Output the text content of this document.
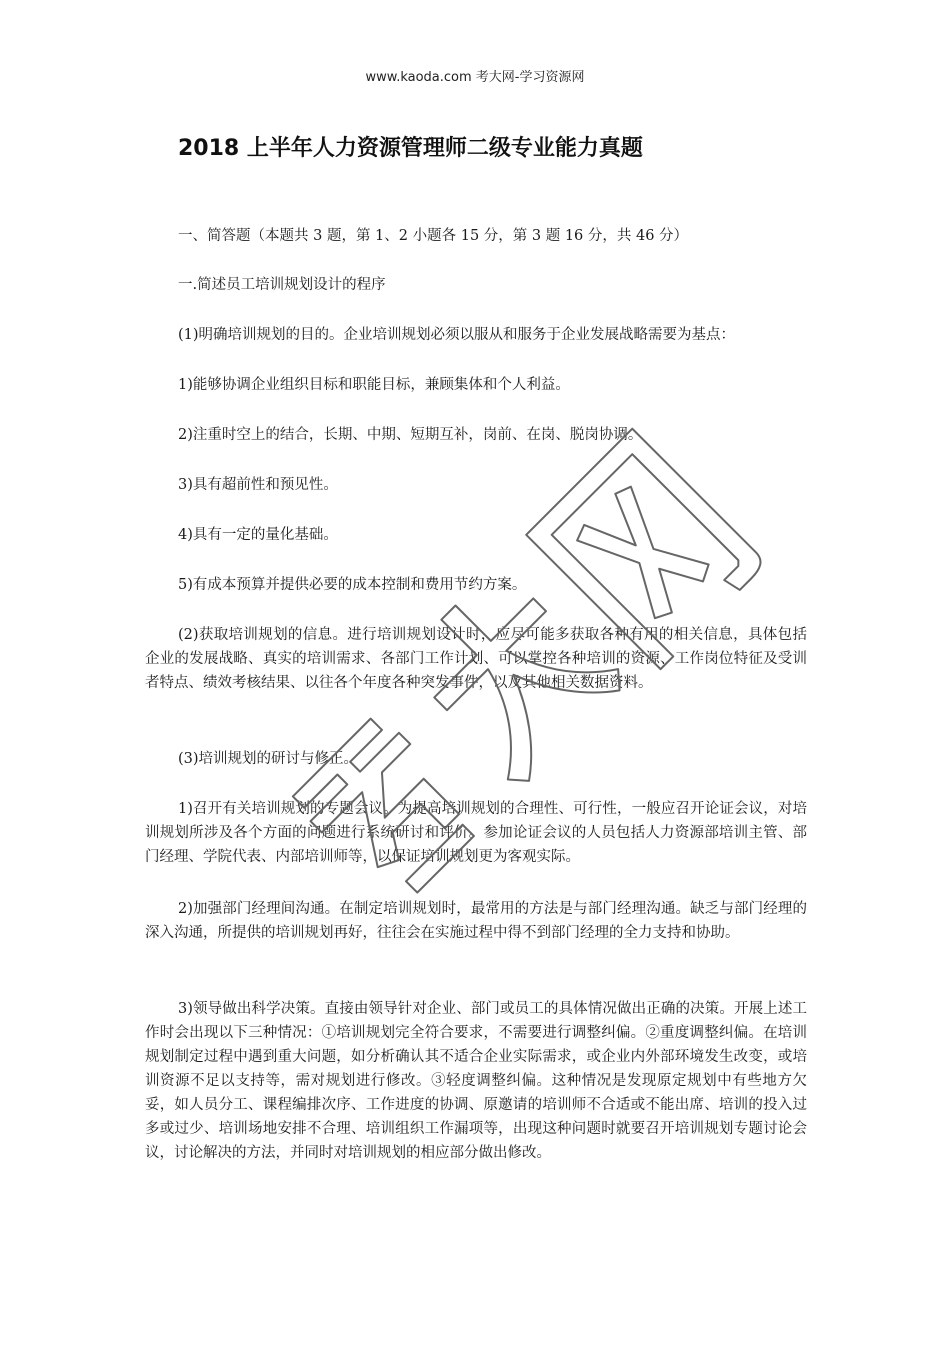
www.kaoda.com 考大网-学习资源网
2018 上半年人力资源管理师二级专业能力真题

一、简答题（本题共 3 题，第 1、2 小题各 15 分，第 3 题 16 分，共 46 分）

一.简述员工培训规划设计的程序

(1)明确培训规划的目的。企业培训规划必须以服从和服务于企业发展战略需要为基点：

1)能够协调企业组织目标和职能目标，兼顾集体和个人利益。

2)注重时空上的结合，长期、中期、短期互补，岗前、在岗、脱岗协调。

3)具有超前性和预见性。

4)具有一定的量化基础。

5)有成本预算并提供必要的成本控制和费用节约方案。

(2)获取培训规划的信息。进行培训规划设计时，应尽可能多获取各种有用的相关信息，具体包括企业的发展战略、真实的培训需求、各部门工作计划、可以掌控各种培训的资源、工作岗位特征及受训者特点、绩效考核结果、以往各个年度各种突发事件，以及其他相关数据资料。

(3)培训规划的研讨与修正。

1)召开有关培训规划的专题会议。为提高培训规划的合理性、可行性，一般应召开论证会议，对培训规划所涉及各个方面的问题进行系统研讨和评价。参加论证会议的人员包括人力资源部培训主管、部门经理、学院代表、内部培训师等，以保证培训规划更为客观实际。

2)加强部门经理间沟通。在制定培训规划时，最常用的方法是与部门经理沟通。缺乏与部门经理的深入沟通，所提供的培训规划再好，往往会在实施过程中得不到部门经理的全力支持和协助。

3)领导做出科学决策。直接由领导针对企业、部门或员工的具体情况做出正确的决策。开展上述工作时会出现以下三种情况：①培训规划完全符合要求，不需要进行调整纠偏。②重度调整纠偏。在培训规划制定过程中遇到重大问题，如分析确认其不适合企业实际需求，或企业内外部环境发生改变，或培训资源不足以支持等，需对规划进行修改。③轻度调整纠偏。这种情况是发现原定规划中有些地方欠妥，如人员分工、课程编排次序、工作进度的协调、原邀请的培训师不合适或不能出席、培训的投入过多或过少、培训场地安排不合理、培训组织工作漏项等，出现这种问题时就要召开培训规划专题讨论会议，讨论解决的方法，并同时对培训规划的相应部分做出修改。
